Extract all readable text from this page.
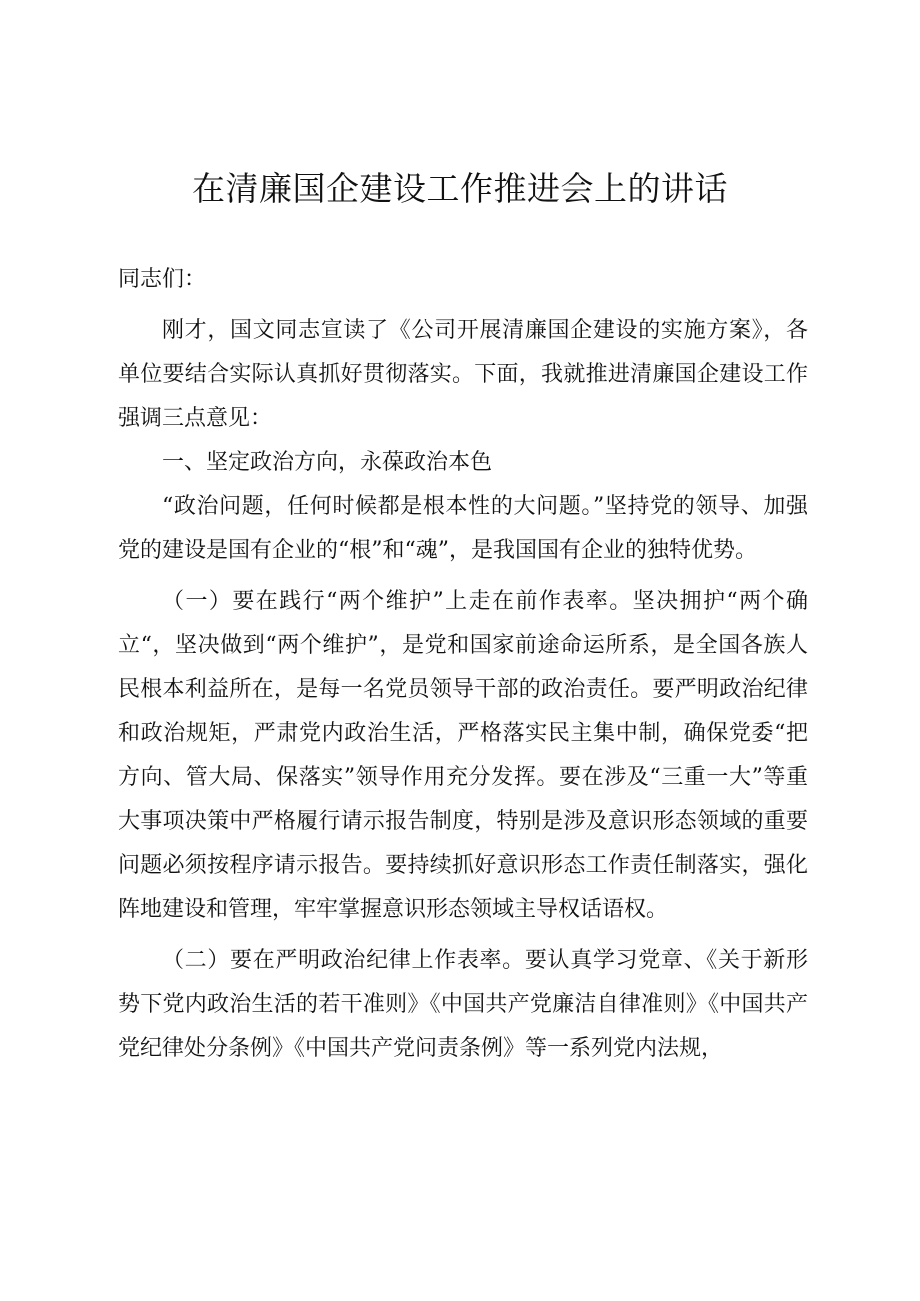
在清廉国企建设工作推进会上的讲话

同志们：

刚才，国文同志宣读了《公司开展清廉国企建设的实施方案》，各单位要结合实际认真抓好贯彻落实。下面，我就推进清廉国企建设工作强调三点意见：

一、坚定政治方向，永葆政治本色

“政治问题，任何时候都是根本性的大问题。”坚持党的领导、加强党的建设是国有企业的“根”和“魂”，是我国国有企业的独特优势。

（一）要在践行“两个维护”上走在前作表率。坚决拥护“两个确立“，坚决做到“两个维护”，是党和国家前途命运所系，是全国各族人民根本利益所在，是每一名党员领导干部的政治责任。要严明政治纪律和政治规矩，严肃党内政治生活，严格落实民主集中制，确保党委“把方向、管大局、保落实”领导作用充分发挥。要在涉及“三重一大”等重大事项决策中严格履行请示报告制度，特别是涉及意识形态领域的重要问题必须按程序请示报告。要持续抓好意识形态工作责任制落实，强化阵地建设和管理，牢牢掌握意识形态领域主导权话语权。

（二）要在严明政治纪律上作表率。要认真学习党章、《关于新形势下党内政治生活的若干准则》《中国共产党廉洁自律准则》《中国共产党纪律处分条例》《中国共产党问责条例》等一系列党内法规，
